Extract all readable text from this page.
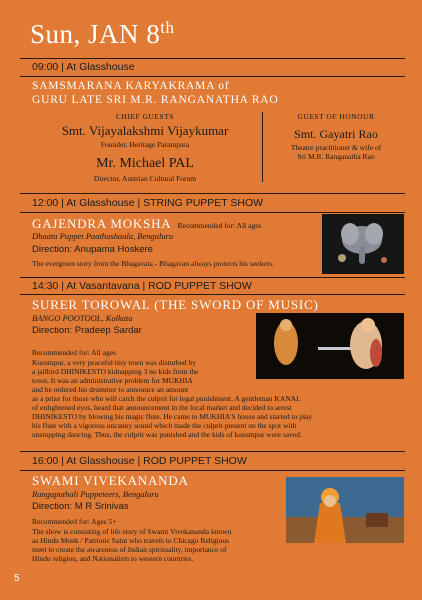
Sun, JAN 8th
09:00 | At Glasshouse
SAMSMARANA KARYAKRAMA of
GURU LATE SRI M.R. RANGANATHA RAO
CHIEF GUESTS
Smt. Vijayalakshmi Vijaykumar
Founder, Heritage Parampara
Mr. Michael PAL
Director, Austrian Cultural Forum
GUEST OF HONOUR
Smt. Gayatri Rao
Theatre practitioner & wife of
Sri M.R. Ranganatha Rao
12:00 | At Glasshouse | STRING PUPPET SHOW
GAJENDRA MOKSHA Recommended for: All ages
Dhaatu Puppet Paathashaala, Bengaluru
Direction: Anupama Hoskere
The evergreen story from the Bhagavata - Bhagavan always protects his seekers.
14:30 | At Vasantavana | ROD PUPPET SHOW
SURER TOROWAL (THE SWORD OF MUSIC)
BANGO POOTOOL, Kolkata
Direction: Pradeep Sardar
Recommended for: All ages
Kusumpur, a very peaceful tiny town was disturbed by
a jailbird DHINIKESTO kidnapping 3 no kids from the
town. It was an administrative problem for MUKHIA
and he ordered his drummer to announce an amount
as a prize for those who will catch the culprit for legal punishment. A gentleman KANAL
of enlightened eyes, heard that announcement in the local market and decided to arrest
DHINIKESTO by blowing his magic flute. He came to MUKHIA'S house and started to play
his flute with a vigorous uncanny sound which made the culprit present on the spot with
unstopping dancing. Thus, the culprit was punished and the kids of kusumpur were saved.
16:00 | At Glasshouse | ROD PUPPET SHOW
SWAMI VIVEKANANDA
Rangaputhali Puppeteers, Bengaluru
Direction: M R Srinivas
Recommended for: Ages 5+
The show is consisting of life story of Swami Vivekananda known
as Hindu Monk / Patriotic Saint who travels to Chicago Religious
meet to create the awareness of Indian spirituality, importance of
Hindu religion, and Nationalism to western countries.
5
